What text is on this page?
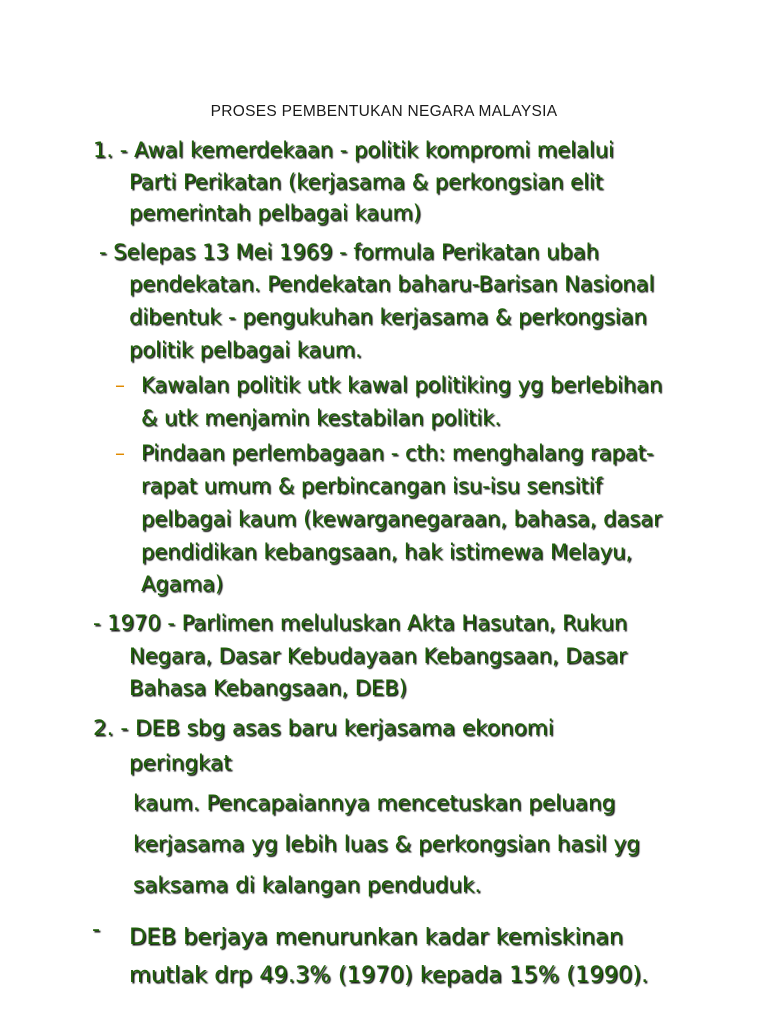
PROSES PEMBENTUKAN NEGARA MALAYSIA
1. - Awal kemerdekaan - politik kompromi melalui
Parti Perikatan (kerjasama & perkongsian elit
pemerintah pelbagai kaum)
- Selepas 13 Mei 1969 - formula Perikatan ubah
pendekatan. Pendekatan baharu-Barisan Nasional
dibentuk - pengukuhan kerjasama & perkongsian
politik pelbagai kaum.
– Kawalan politik utk kawal politiking yg berlebihan
& utk menjamin kestabilan politik.
– Pindaan perlembagaan - cth: menghalang rapat-
rapat umum & perbincangan isu-isu sensitif
pelbagai kaum (kewarganegaraan, bahasa, dasar
pendidikan kebangsaan, hak istimewa Melayu,
Agama)
- 1970 - Parlimen meluluskan Akta Hasutan, Rukun
Negara, Dasar Kebudayaan Kebangsaan, Dasar
Bahasa Kebangsaan, DEB)
2. - DEB sbg asas baru kerjasama ekonomi
peringkat
kaum. Pencapaiannya mencetuskan peluang
kerjasama yg lebih luas & perkongsian hasil yg
saksama di kalangan penduduk.
- DEB berjaya menurunkan kadar kemiskinan
mutlak drp 49.3% (1970) kepada 15% (1990).
